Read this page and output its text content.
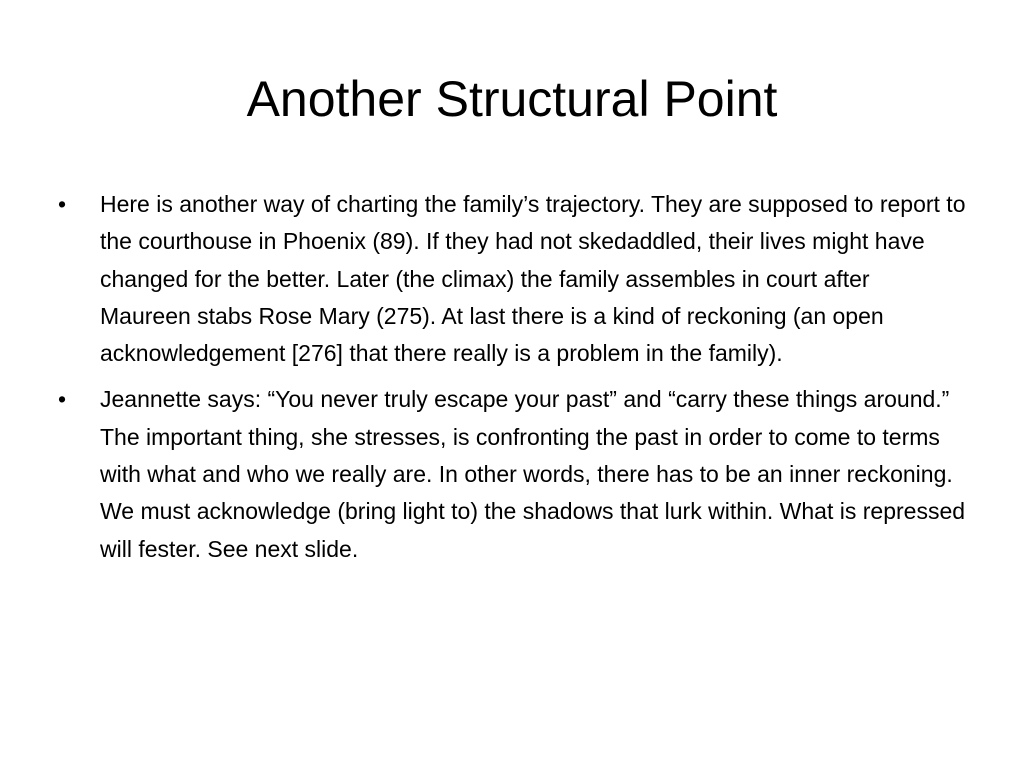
Another Structural Point
•	Here is another way of charting the family’s trajectory. They are supposed to report to the courthouse in Phoenix (89). If they had not skedaddled, their lives might have changed for the better. Later (the climax) the family assembles in court after Maureen stabs Rose Mary (275). At last there is a kind of reckoning (an open acknowledgement [276] that there really is a problem in the family).
•	Jeannette says: “You never truly escape your past” and “carry these things around.” The important thing, she stresses, is confronting the past in order to come to terms with what and who we really are. In other words, there has to be an inner reckoning. We must acknowledge (bring light to) the shadows that lurk within. What is repressed will fester. See next slide.
